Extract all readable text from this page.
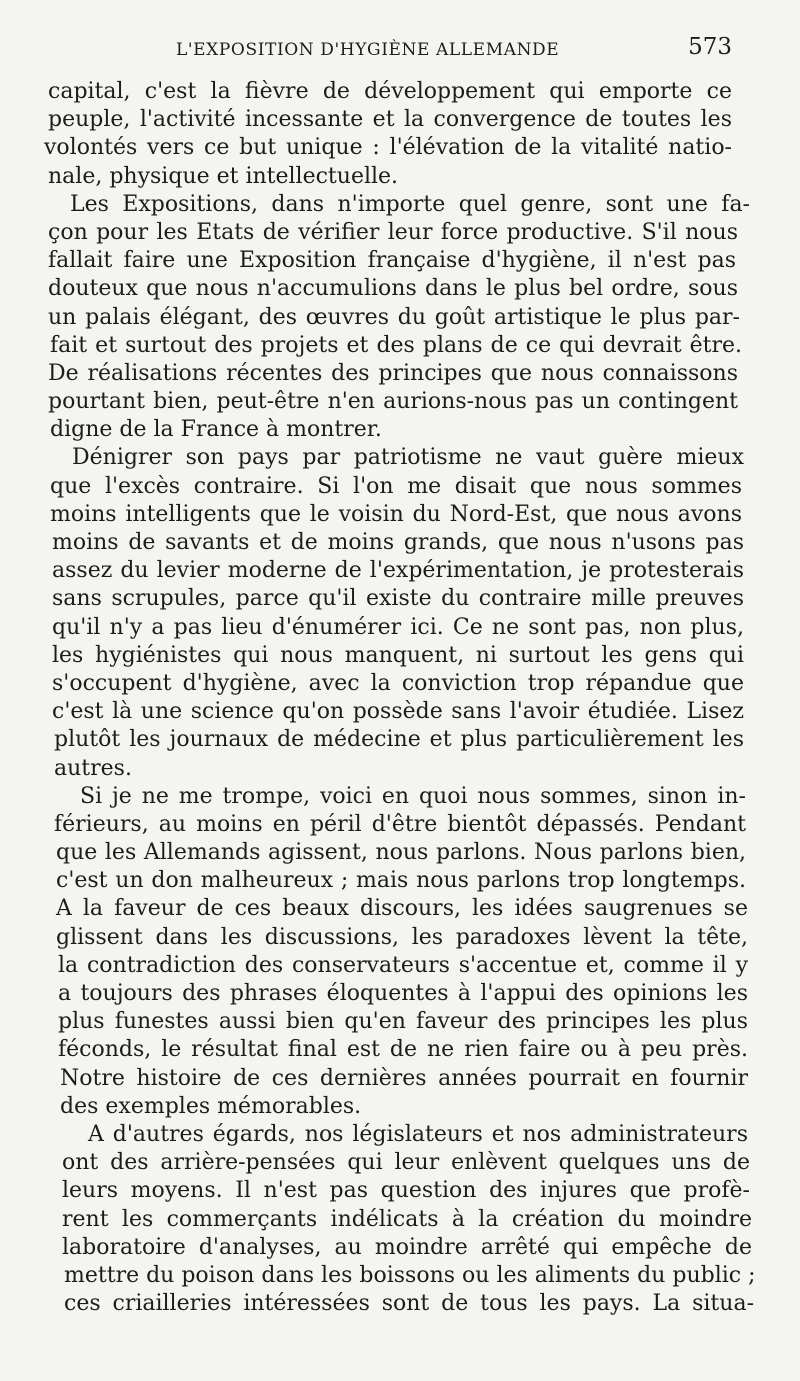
L'EXPOSITION D'HYGIÈNE ALLEMANDE	573
capital, c'est la fièvre de développement qui emporte ce
peuple, l'activité incessante et la convergence de toutes les
volontés vers ce but unique : l'élévation de la vitalité natio-
nale, physique et intellectuelle.
Les Expositions, dans n'importe quel genre, sont une fa-
çon pour les Etats de vérifier leur force productive. S'il nous
fallait faire une Exposition française d'hygiène, il n'est pas
douteux que nous n'accumulions dans le plus bel ordre, sous
un palais élégant, des œuvres du goût artistique le plus par-
fait et surtout des projets et des plans de ce qui devrait être.
De réalisations récentes des principes que nous connaissons
pourtant bien, peut-être n'en aurions-nous pas un contingent
digne de la France à montrer.
Dénigrer son pays par patriotisme ne vaut guère mieux
que l'excès contraire. Si l'on me disait que nous sommes
moins intelligents que le voisin du Nord-Est, que nous avons
moins de savants et de moins grands, que nous n'usons pas
assez du levier moderne de l'expérimentation, je protesterais
sans scrupules, parce qu'il existe du contraire mille preuves
qu'il n'y a pas lieu d'énumérer ici. Ce ne sont pas, non plus,
les hygiénistes qui nous manquent, ni surtout les gens qui
s'occupent d'hygiène, avec la conviction trop répandue que
c'est là une science qu'on possède sans l'avoir étudiée. Lisez
plutôt les journaux de médecine et plus particulièrement les
autres.
Si je ne me trompe, voici en quoi nous sommes, sinon in-
férieurs, au moins en péril d'être bientôt dépassés. Pendant
que les Allemands agissent, nous parlons. Nous parlons bien,
c'est un don malheureux ; mais nous parlons trop longtemps.
A la faveur de ces beaux discours, les idées saugrenues se
glissent dans les discussions, les paradoxes lèvent la tête,
la contradiction des conservateurs s'accentue et, comme il y
a toujours des phrases éloquentes à l'appui des opinions les
plus funestes aussi bien qu'en faveur des principes les plus
féconds, le résultat final est de ne rien faire ou à peu près.
Notre histoire de ces dernières années pourrait en fournir
des exemples mémorables.
A d'autres égards, nos législateurs et nos administrateurs
ont des arrière-pensées qui leur enlèvent quelques uns de
leurs moyens. Il n'est pas question des injures que profè-
rent les commerçants indélicats à la création du moindre
laboratoire d'analyses, au moindre arrêté qui empêche de
mettre du poison dans les boissons ou les aliments du public ;
ces criailleries intéressées sont de tous les pays. La situa-
